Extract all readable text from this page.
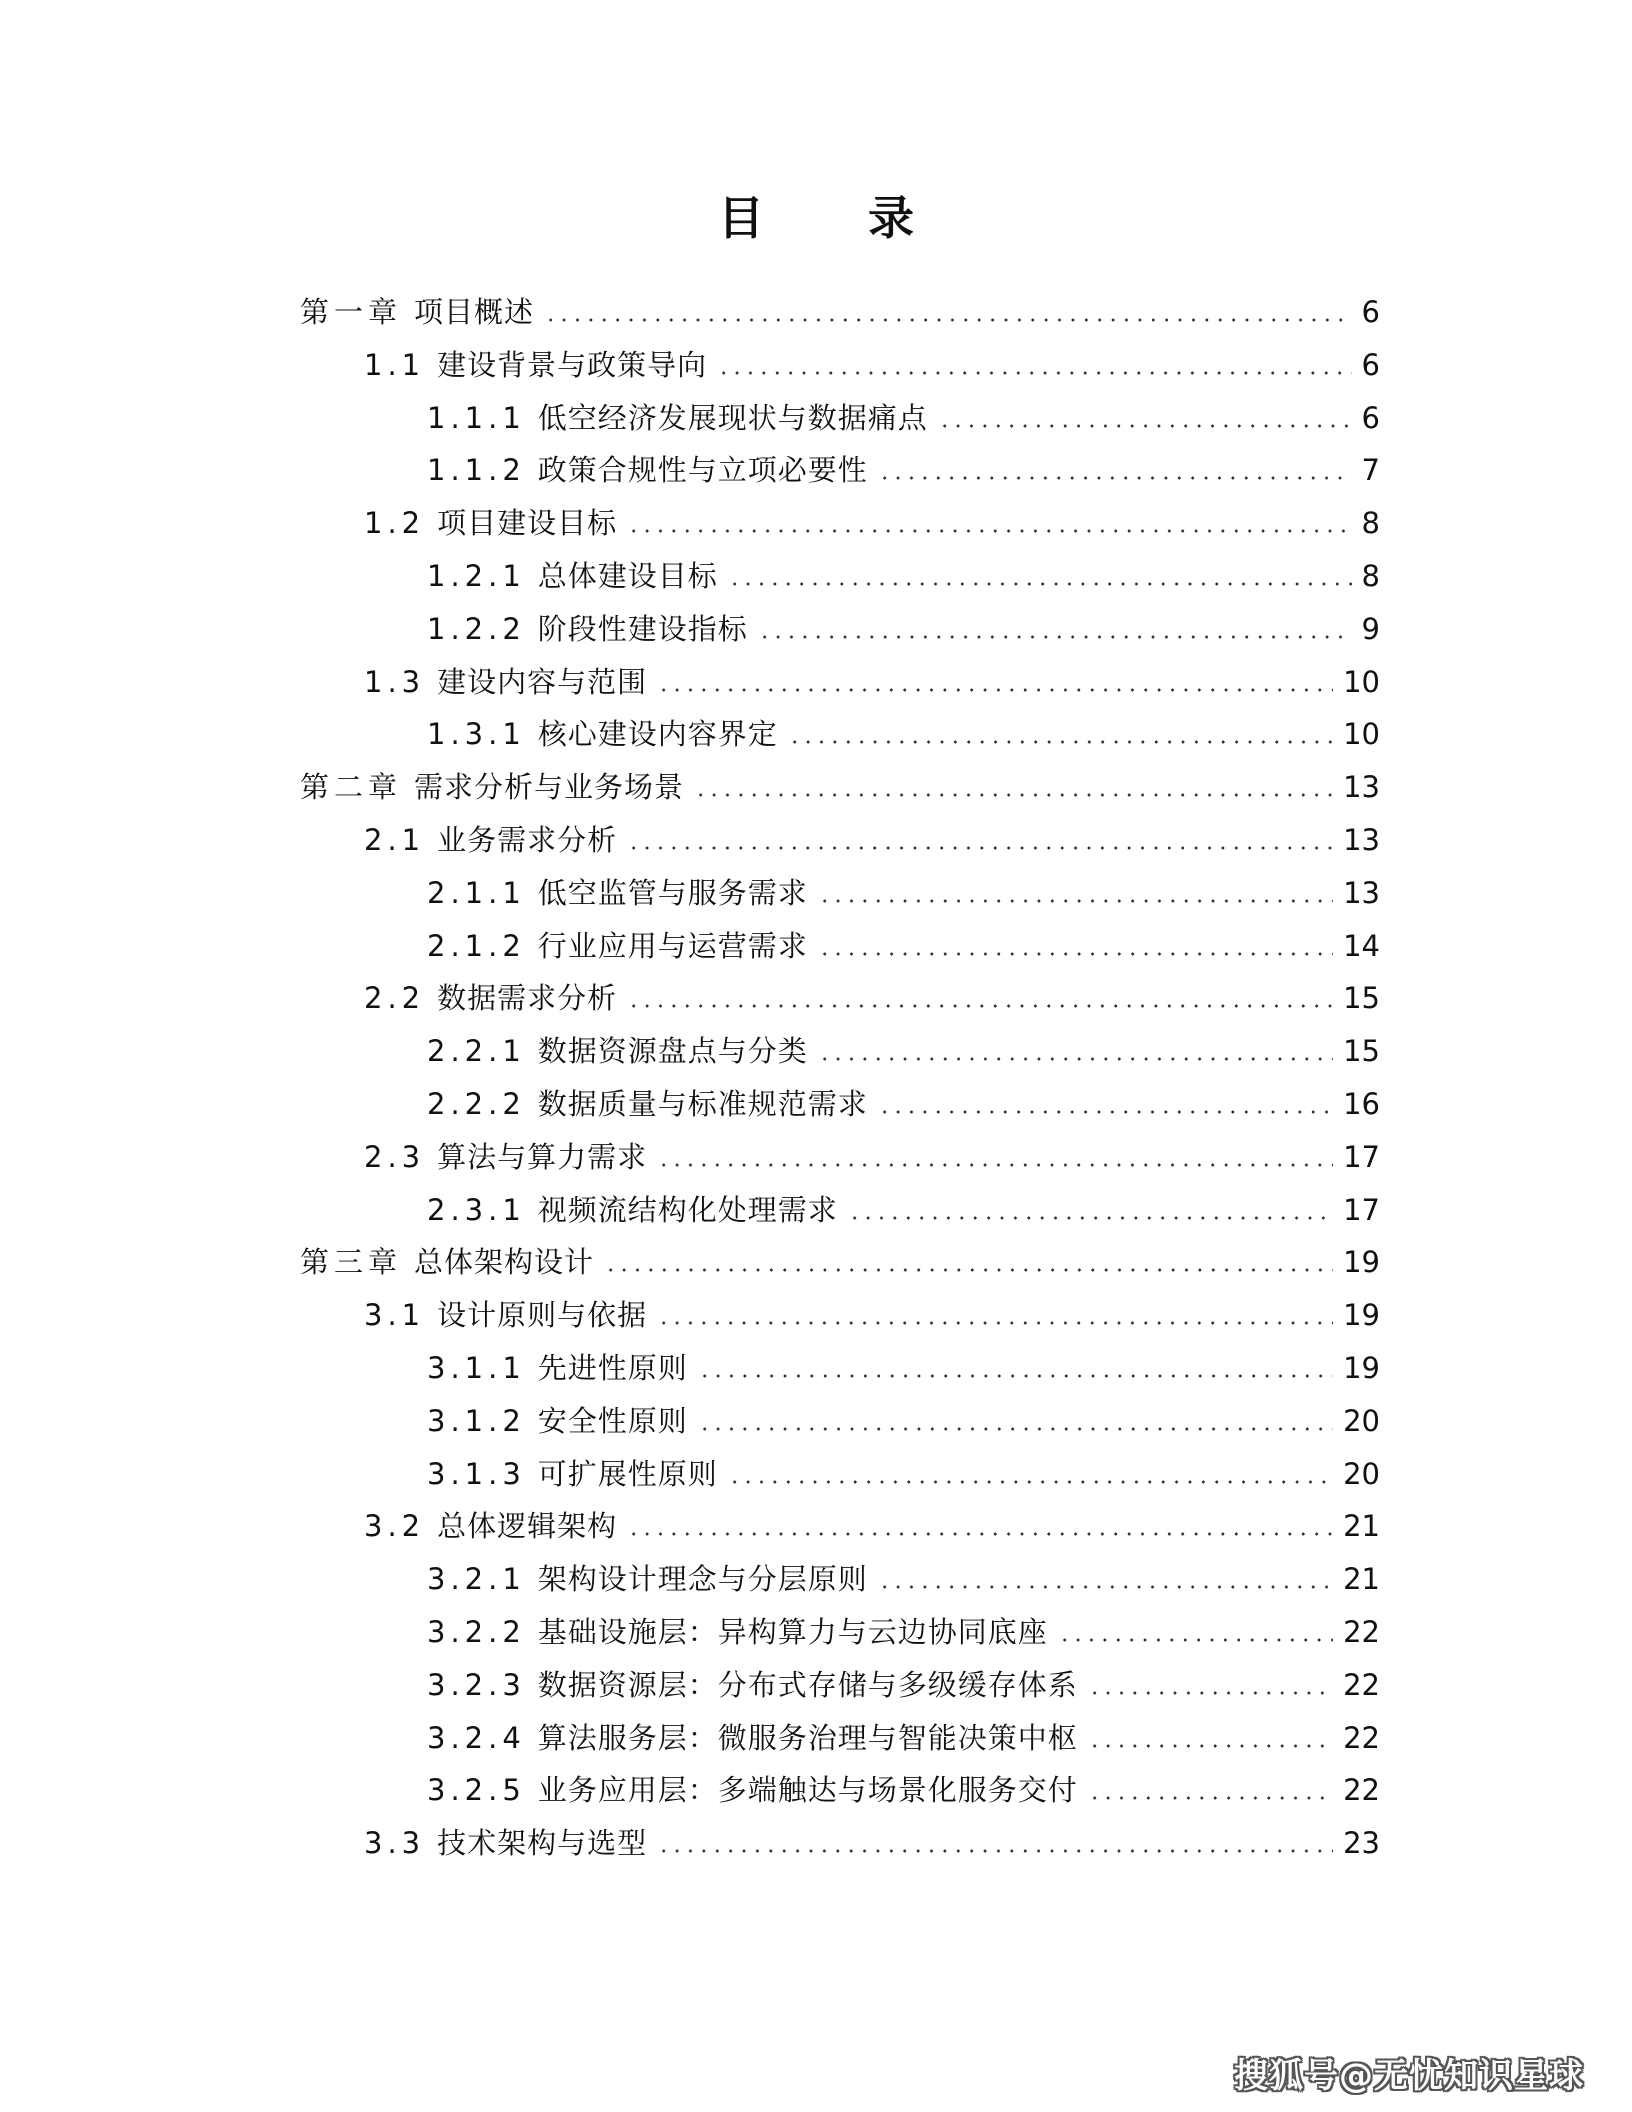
目 录
第一章 项目概述	6
1.1 建设背景与政策导向	6
1.1.1 低空经济发展现状与数据痛点	6
1.1.2 政策合规性与立项必要性	7
1.2 项目建设目标	8
1.2.1 总体建设目标	8
1.2.2 阶段性建设指标	9
1.3 建设内容与范围	10
1.3.1 核心建设内容界定	10
第二章 需求分析与业务场景	13
2.1 业务需求分析	13
2.1.1 低空监管与服务需求	13
2.1.2 行业应用与运营需求	14
2.2 数据需求分析	15
2.2.1 数据资源盘点与分类	15
2.2.2 数据质量与标准规范需求	16
2.3 算法与算力需求	17
2.3.1 视频流结构化处理需求	17
第三章 总体架构设计	19
3.1 设计原则与依据	19
3.1.1 先进性原则	19
3.1.2 安全性原则	20
3.1.3 可扩展性原则	20
3.2 总体逻辑架构	21
3.2.1 架构设计理念与分层原则	21
3.2.2 基础设施层：异构算力与云边协同底座	22
3.2.3 数据资源层：分布式存储与多级缓存体系	22
3.2.4 算法服务层：微服务治理与智能决策中枢	22
3.2.5 业务应用层：多端触达与场景化服务交付	22
3.3 技术架构与选型	23
搜狐号@无忧知识星球
